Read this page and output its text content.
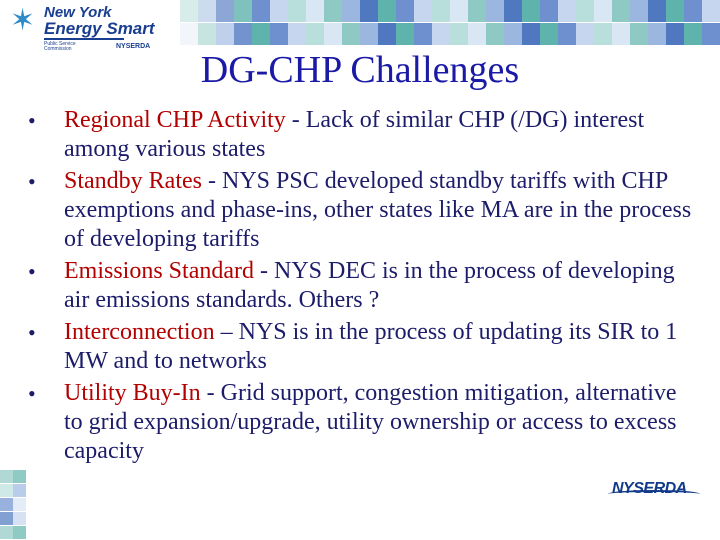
✶ New York
Energy Smart
Public Service Commission	NYSERDA
DG-CHP Challenges
• Regional CHP Activity - Lack of similar CHP (/DG) interest among various states
• Standby Rates - NYS PSC developed standby tariffs with CHP exemptions and phase-ins, other states like MA are in the process of developing tariffs
• Emissions Standard - NYS DEC is in the process of developing air emissions standards. Others ?
• Interconnection – NYS is in the process of updating its SIR to 1 MW and to networks
• Utility Buy-In - Grid support, congestion mitigation, alternative to grid expansion/upgrade, utility ownership or access to excess capacity
NYSERDA
